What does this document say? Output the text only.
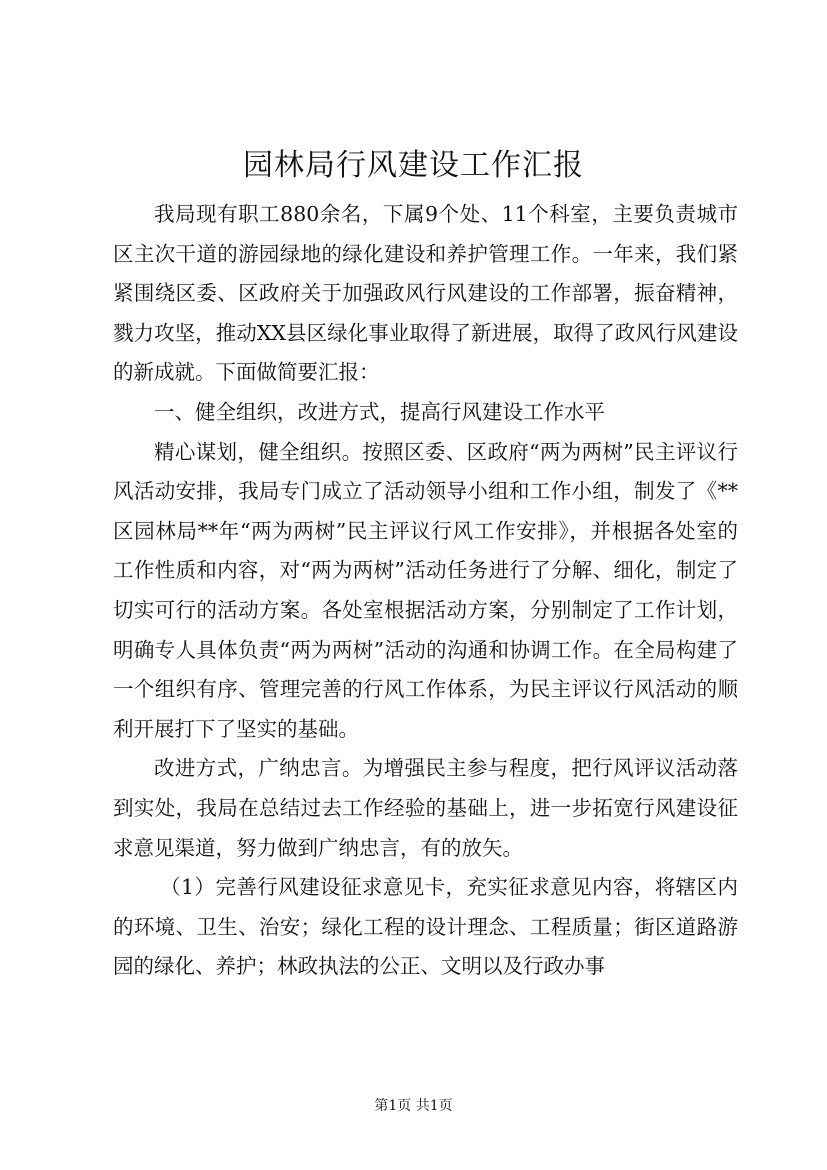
园林局行风建设工作汇报

我局现有职工880余名，下属9个处、11个科室，主要负责城市区主次干道的游园绿地的绿化建设和养护管理工作。一年来，我们紧紧围绕区委、区政府关于加强政风行风建设的工作部署，振奋精神，戮力攻坚，推动XX县区绿化事业取得了新进展，取得了政风行风建设的新成就。下面做简要汇报：

一、健全组织，改进方式，提高行风建设工作水平

精心谋划，健全组织。按照区委、区政府“两为两树”民主评议行风活动安排，我局专门成立了活动领导小组和工作小组，制发了《**区园林局**年“两为两树”民主评议行风工作安排》，并根据各处室的工作性质和内容，对“两为两树”活动任务进行了分解、细化，制定了切实可行的活动方案。各处室根据活动方案，分别制定了工作计划，明确专人具体负责“两为两树”活动的沟通和协调工作。在全局构建了一个组织有序、管理完善的行风工作体系，为民主评议行风活动的顺利开展打下了坚实的基础。

改进方式，广纳忠言。为增强民主参与程度，把行风评议活动落到实处，我局在总结过去工作经验的基础上，进一步拓宽行风建设征求意见渠道，努力做到广纳忠言，有的放矢。

（1）完善行风建设征求意见卡，充实征求意见内容，将辖区内的环境、卫生、治安；绿化工程的设计理念、工程质量；街区道路游园的绿化、养护；林政执法的公正、文明以及行政办事

第1页 共1页
